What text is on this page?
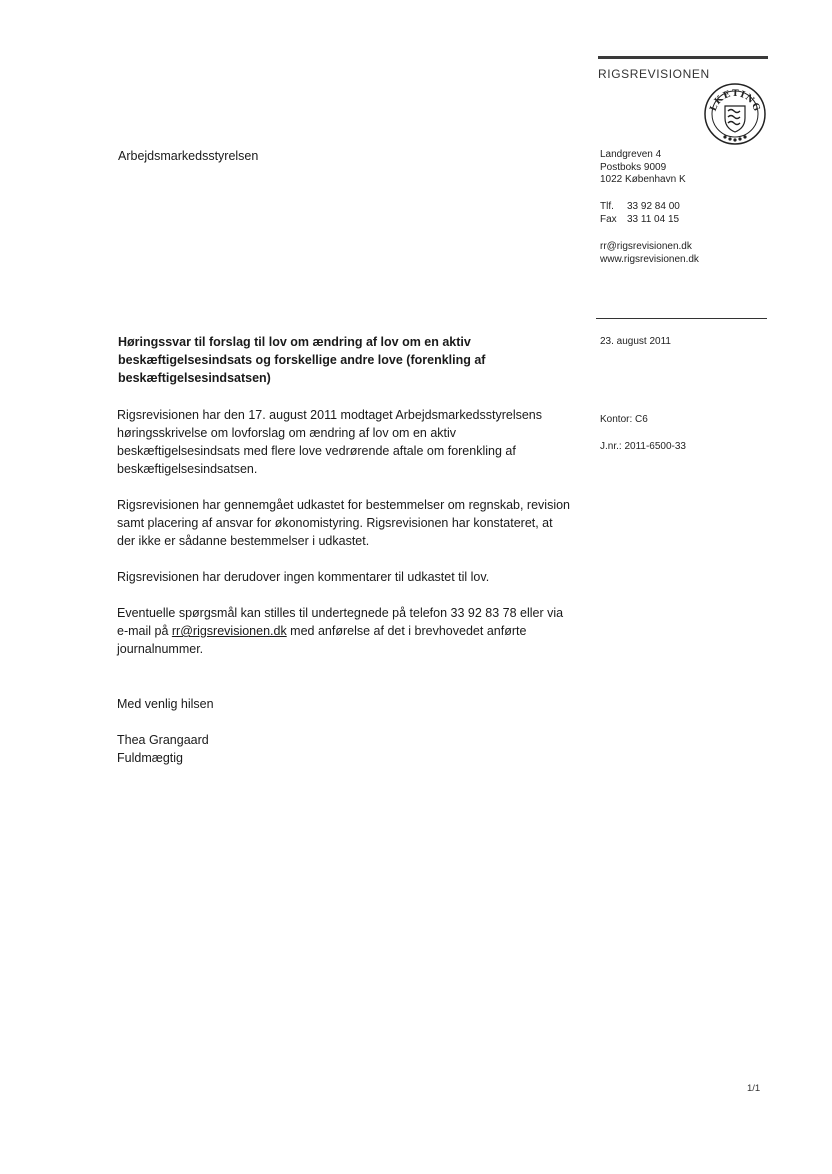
RIGSREVISIONEN
LKETING
Arbejdsmarkedsstyrelsen	Landgreven 4
Postboks 9009
1022 København K
Tlf. 33 92 84 00
Fax 33 11 04 15
rr@rigsrevisionen.dk
www.rigsrevisionen.dk
23. august 2011
Kontor: C6
J.nr.: 2011-6500-33
Høringssvar til forslag til lov om ændring af lov om en aktiv beskæftigelsesindsats og forskellige andre love (forenkling af beskæftigelsesindsatsen)
Rigsrevisionen har den 17. august 2011 modtaget Arbejdsmarkedsstyrelsens høringsskrivelse om lovforslag om ændring af lov om en aktiv beskæftigelsesindsats med flere love vedrørende aftale om forenkling af beskæftigelsesindsatsen.
Rigsrevisionen har gennemgået udkastet for bestemmelser om regnskab, revision samt placering af ansvar for økonomistyring. Rigsrevisionen har konstateret, at der ikke er sådanne bestemmelser i udkastet.
Rigsrevisionen har derudover ingen kommentarer til udkastet til lov.
Eventuelle spørgsmål kan stilles til undertegnede på telefon 33 92 83 78 eller via e-mail på rr@rigsrevisionen.dk med anførelse af det i brevhovedet anførte journalnummer.
Med venlig hilsen
Thea Grangaard
Fuldmægtig
1/1
